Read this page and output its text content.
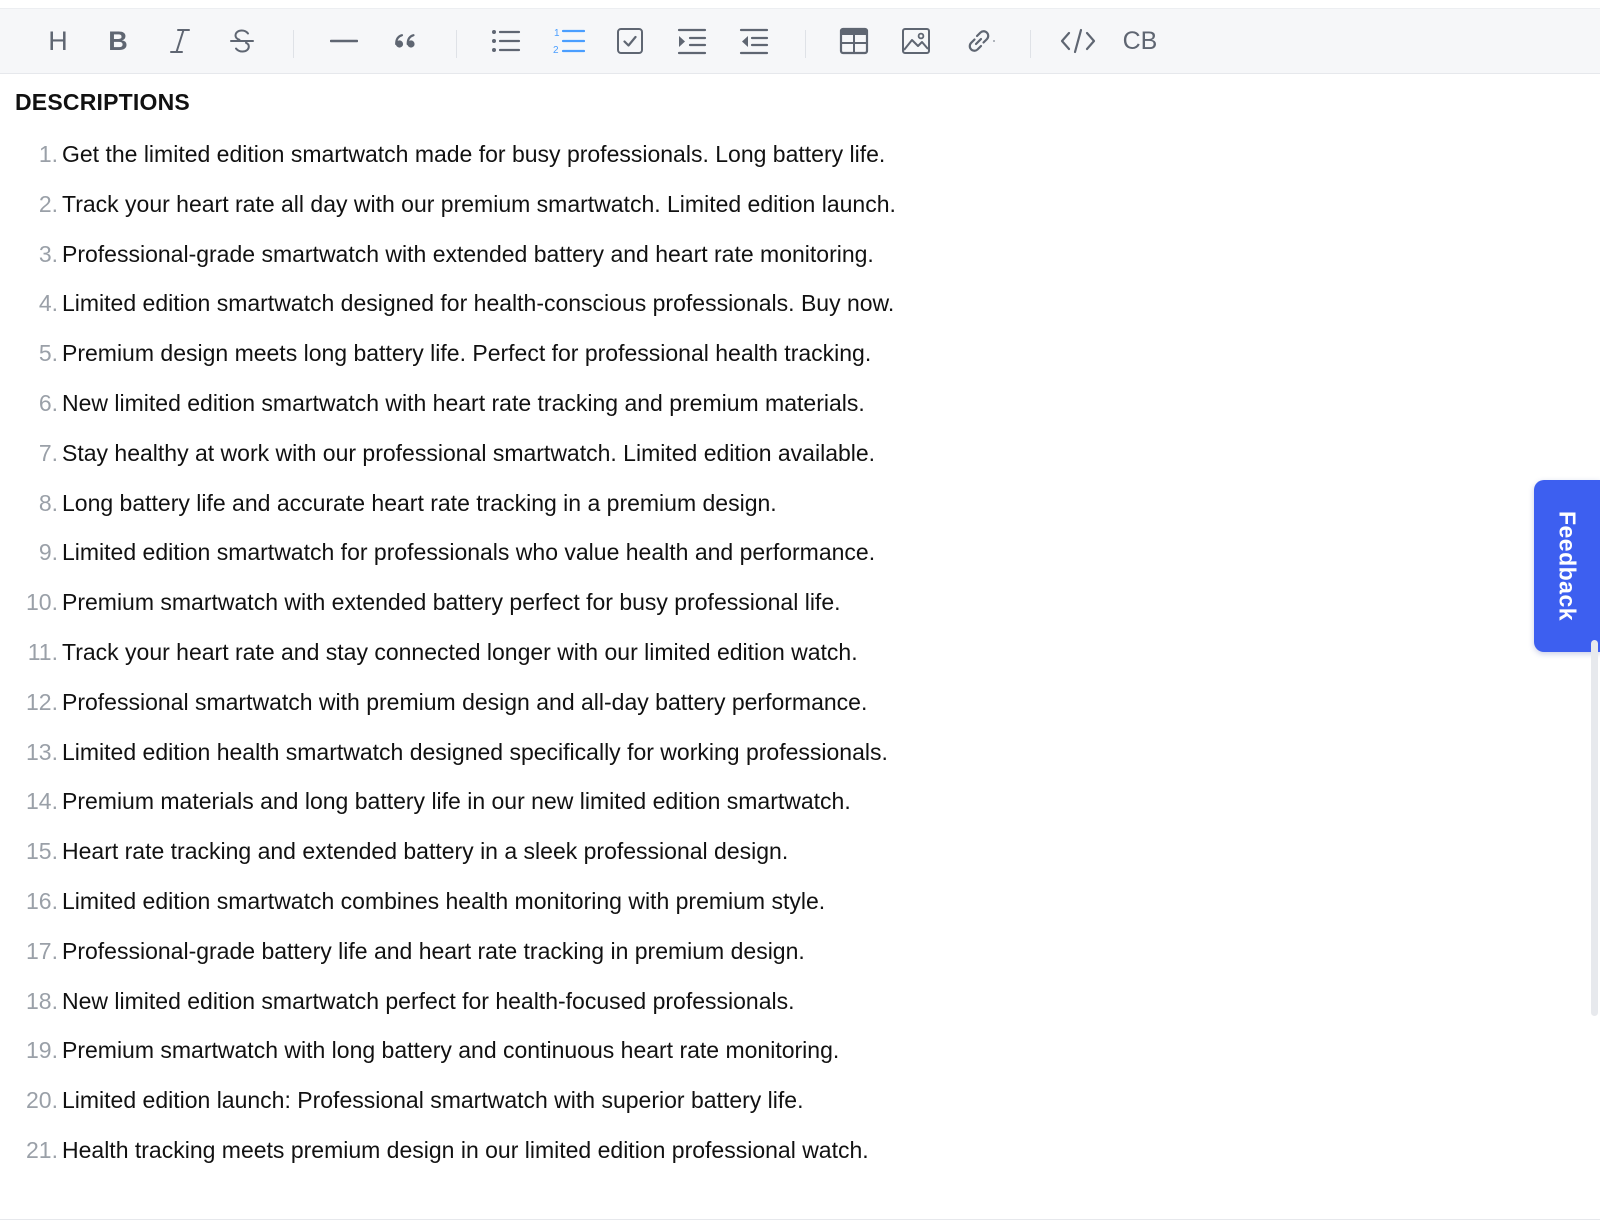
H B	1
2	CB
DESCRIPTIONS
1. Get the limited edition smartwatch made for busy professionals. Long battery life.
2. Track your heart rate all day with our premium smartwatch. Limited edition launch.
3. Professional-grade smartwatch with extended battery and heart rate monitoring.
4. Limited edition smartwatch designed for health-conscious professionals. Buy now.
5. Premium design meets long battery life. Perfect for professional health tracking.
6. New limited edition smartwatch with heart rate tracking and premium materials.
7. Stay healthy at work with our professional smartwatch. Limited edition available.
8. Long battery life and accurate heart rate tracking in a premium design.
9. Limited edition smartwatch for professionals who value health and performance.
10. Premium smartwatch with extended battery perfect for busy professional life.
11. Track your heart rate and stay connected longer with our limited edition watch.
12. Professional smartwatch with premium design and all-day battery performance.
13. Limited edition health smartwatch designed specifically for working professionals.
14. Premium materials and long battery life in our new limited edition smartwatch.
15. Heart rate tracking and extended battery in a sleek professional design.
16. Limited edition smartwatch combines health monitoring with premium style.
17. Professional-grade battery life and heart rate tracking in premium design.
18. New limited edition smartwatch perfect for health-focused professionals.
19. Premium smartwatch with long battery and continuous heart rate monitoring.
20. Limited edition launch: Professional smartwatch with superior battery life.
21. Health tracking meets premium design in our limited edition professional watch.
Feedback
